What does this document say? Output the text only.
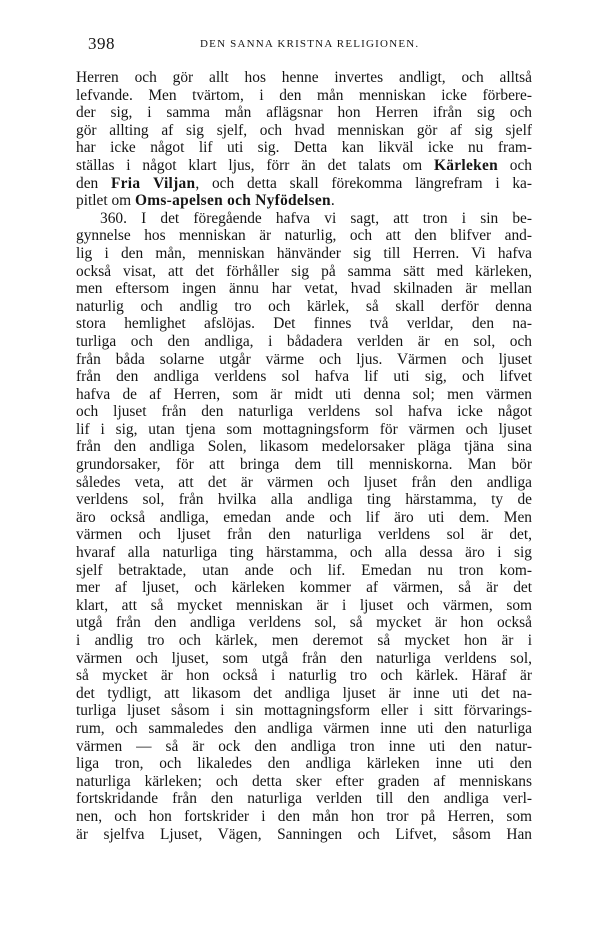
398	DEN SANNA KRISTNA RELIGIONEN.
Herren och gör allt hos henne invertes andligt, och alltså
lefvande. Men tvärtom, i den mån menniskan icke förbere-
der sig, i samma mån aflägsnar hon Herren ifrån sig och
gör allting af sig sjelf, och hvad menniskan gör af sig sjelf
har icke något lif uti sig. Detta kan likväl icke nu fram-
ställas i något klart ljus, förr än det talats om Kärleken och
den Fria Viljan, och detta skall förekomma längrefram i ka-
pitlet om Oms-apelsen och Nyfödelsen.
360. I det föregående hafva vi sagt, att tron i sin be-
gynnelse hos menniskan är naturlig, och att den blifver and-
lig i den mån, menniskan hänvänder sig till Herren. Vi hafva
också visat, att det förhåller sig på samma sätt med kärleken,
men eftersom ingen ännu har vetat, hvad skilnaden är mellan
naturlig och andlig tro och kärlek, så skall derför denna
stora hemlighet afslöjas. Det finnes två verldar, den na-
turliga och den andliga, i bådadera verlden är en sol, och
från båda solarne utgår värme och ljus. Värmen och ljuset
från den andliga verldens sol hafva lif uti sig, och lifvet
hafva de af Herren, som är midt uti denna sol; men värmen
och ljuset från den naturliga verldens sol hafva icke något
lif i sig, utan tjena som mottagningsform för värmen och ljuset
från den andliga Solen, likasom medelorsaker pläga tjäna sina
grundorsaker, för att bringa dem till menniskorna. Man bör
således veta, att det är värmen och ljuset från den andliga
verldens sol, från hvilka alla andliga ting härstamma, ty de
äro också andliga, emedan ande och lif äro uti dem. Men
värmen och ljuset från den naturliga verldens sol är det,
hvaraf alla naturliga ting härstamma, och alla dessa äro i sig
sjelf betraktade, utan ande och lif. Emedan nu tron kom-
mer af ljuset, och kärleken kommer af värmen, så är det
klart, att så mycket menniskan är i ljuset och värmen, som
utgå från den andliga verldens sol, så mycket är hon också
i andlig tro och kärlek, men deremot så mycket hon är i
värmen och ljuset, som utgå från den naturliga verldens sol,
så mycket är hon också i naturlig tro och kärlek. Häraf är
det tydligt, att likasom det andliga ljuset är inne uti det na-
turliga ljuset såsom i sin mottagningsform eller i sitt förvarings-
rum, och sammaledes den andliga värmen inne uti den naturliga
värmen — så är ock den andliga tron inne uti den natur-
liga tron, och likaledes den andliga kärleken inne uti den
naturliga kärleken; och detta sker efter graden af menniskans
fortskridande från den naturliga verlden till den andliga verl-
nen, och hon fortskrider i den mån hon tror på Herren, som
är sjelfva Ljuset, Vägen, Sanningen och Lifvet, såsom Han
